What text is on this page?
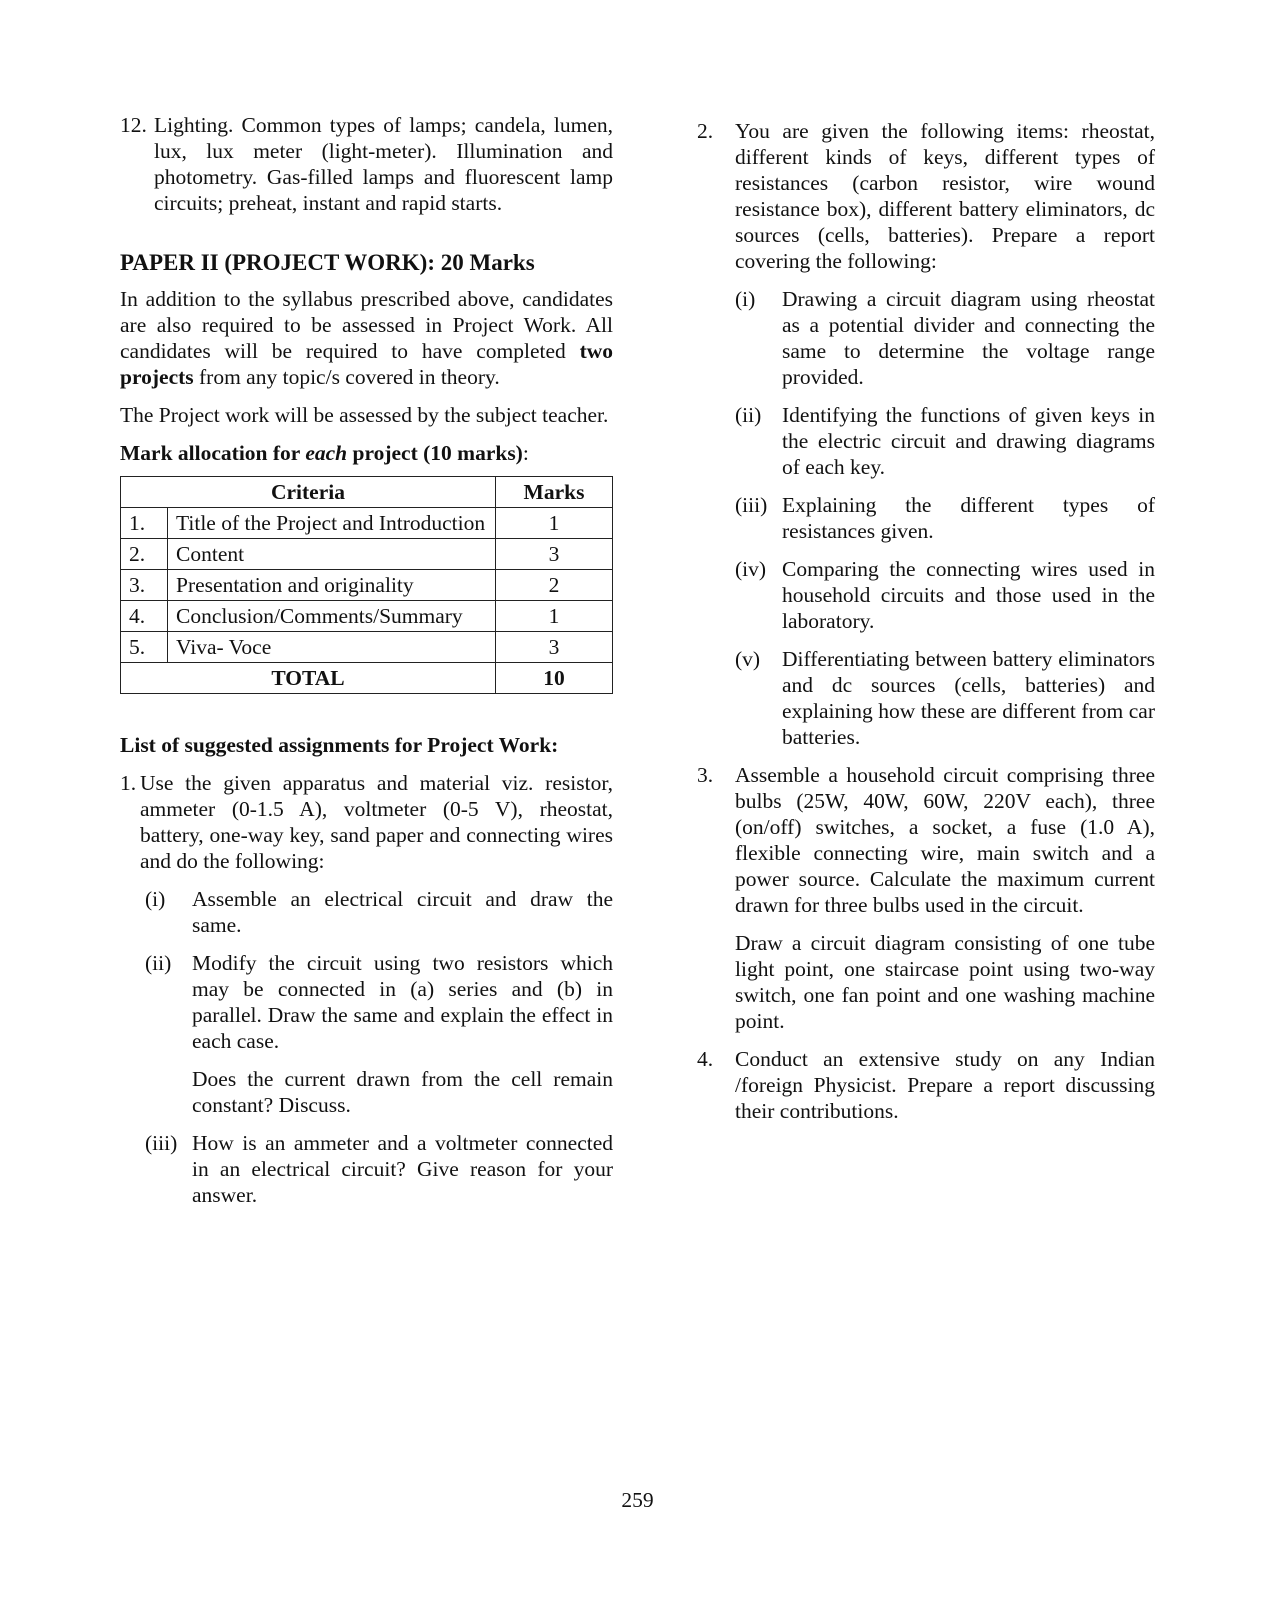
12. Lighting. Common types of lamps; candela, lumen, lux, lux meter (light-meter). Illumination and photometry. Gas-filled lamps and fluorescent lamp circuits; preheat, instant and rapid starts.
PAPER II (PROJECT WORK): 20 Marks

In addition to the syllabus prescribed above, candidates are also required to be assessed in Project Work. All candidates will be required to have completed two projects from any topic/s covered in theory.

The Project work will be assessed by the subject teacher.

Mark allocation for each project (10 marks):

Criteria		Marks
1.	Title of the Project and Introduction	1
2.	Content	3
3.	Presentation and originality	2
4.	Conclusion/Comments/Summary	1
5.	Viva- Voce	3
TOTAL		10

List of suggested assignments for Project Work:

1. Use the given apparatus and material viz. resistor, ammeter (0-1.5 A), voltmeter (0-5 V), rheostat, battery, one-way key, sand paper and connecting wires and do the following:
(i)	Assemble an electrical circuit and draw the same.
(ii) Modify the circuit using two resistors which may be connected in (a) series and (b) in parallel. Draw the same and explain the effect in each case.

Does the current drawn from the cell remain constant? Discuss.

(iii) How is an ammeter and a voltmeter connected in an electrical circuit? Give reason for your answer.
2.	You are given the following items: rheostat, different kinds of keys, different types of resistances (carbon resistor, wire wound resistance box), different battery eliminators, dc sources (cells, batteries). Prepare a report covering the following:
(i)	Drawing a circuit diagram using rheostat as a potential divider and connecting the same to determine the voltage range provided.
(ii) Identifying the functions of given keys in the electric circuit and drawing diagrams of each key.
(iii) Explaining the different types of resistances given.
(iv) Comparing the connecting wires used in household circuits and those used in the laboratory.
(v)	Differentiating between battery eliminators and dc sources (cells, batteries) and explaining how these are different from car batteries.
3.	Assemble a household circuit comprising three bulbs (25W, 40W, 60W, 220V each), three (on/off) switches, a socket, a fuse (1.0 A), flexible connecting wire, main switch and a power source. Calculate the maximum current drawn for three bulbs used in the circuit.

Draw a circuit diagram consisting of one tube light point, one staircase point using two-way switch, one fan point and one washing machine point.

4.	Conduct an extensive study on any Indian /foreign Physicist. Prepare a report discussing their contributions.
259
